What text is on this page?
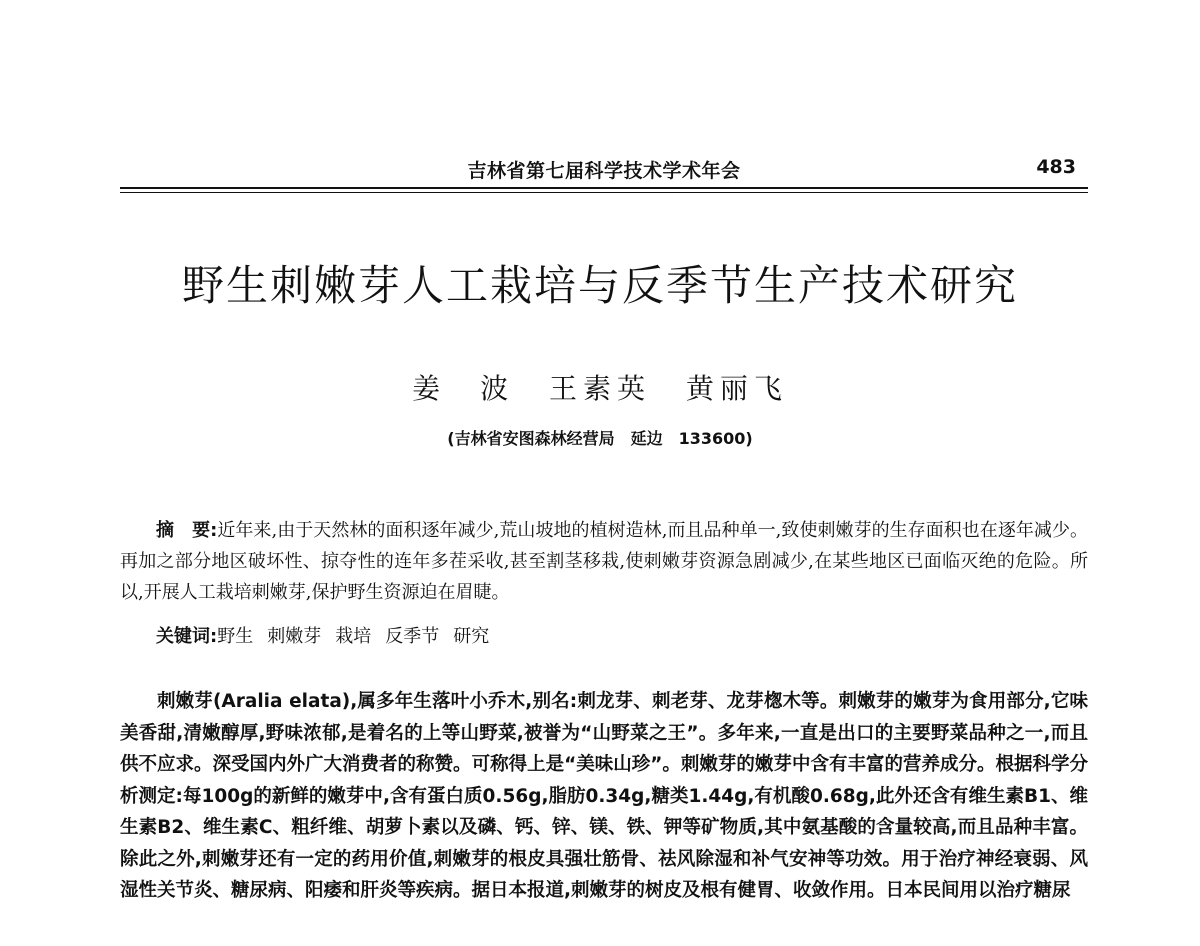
吉林省第七届科学技术学术年会	483
野生刺嫩芽人工栽培与反季节生产技术研究
姜　波 王素英 黄丽飞
(吉林省安图森林经营局　延边　133600)

摘　要:近年来,由于天然林的面积逐年减少,荒山坡地的植树造林,而且品种单一,致使刺嫩芽的生存面积也在逐年减少。再加之部分地区破坏性、掠夺性的连年多茬采收,甚至割茎移栽,使刺嫩芽资源急剧减少,在某些地区已面临灭绝的危险。所以,开展人工栽培刺嫩芽,保护野生资源迫在眉睫。

关键词:野生 刺嫩芽 栽培 反季节 研究

刺嫩芽(Aralia elata),属多年生落叶小乔木,别名:刺龙芽、刺老芽、龙芽楤木等。刺嫩芽的嫩芽为食用部分,它味美香甜,清嫩醇厚,野味浓郁,是着名的上等山野菜,被誉为“山野菜之王”。多年来,一直是出口的主要野菜品种之一,而且供不应求。深受国内外广大消费者的称赞。可称得上是“美味山珍”。刺嫩芽的嫩芽中含有丰富的营养成分。根据科学分析测定:每100g的新鲜的嫩芽中,含有蛋白质0.56g,脂肪0.34g,糖类1.44g,有机酸0.68g,此外还含有维生素B1、维生素B2、维生素C、粗纤维、胡萝卜素以及磷、钙、锌、镁、铁、钾等矿物质,其中氨基酸的含量较高,而且品种丰富。除此之外,刺嫩芽还有一定的药用价值,刺嫩芽的根皮具强壮筋骨、祛风除湿和补气安神等功效。用于治疗神经衰弱、风湿性关节炎、糖尿病、阳痿和肝炎等疾病。据日本报道,刺嫩芽的树皮及根有健胃、收敛作用。日本民间用以治疗糖尿
